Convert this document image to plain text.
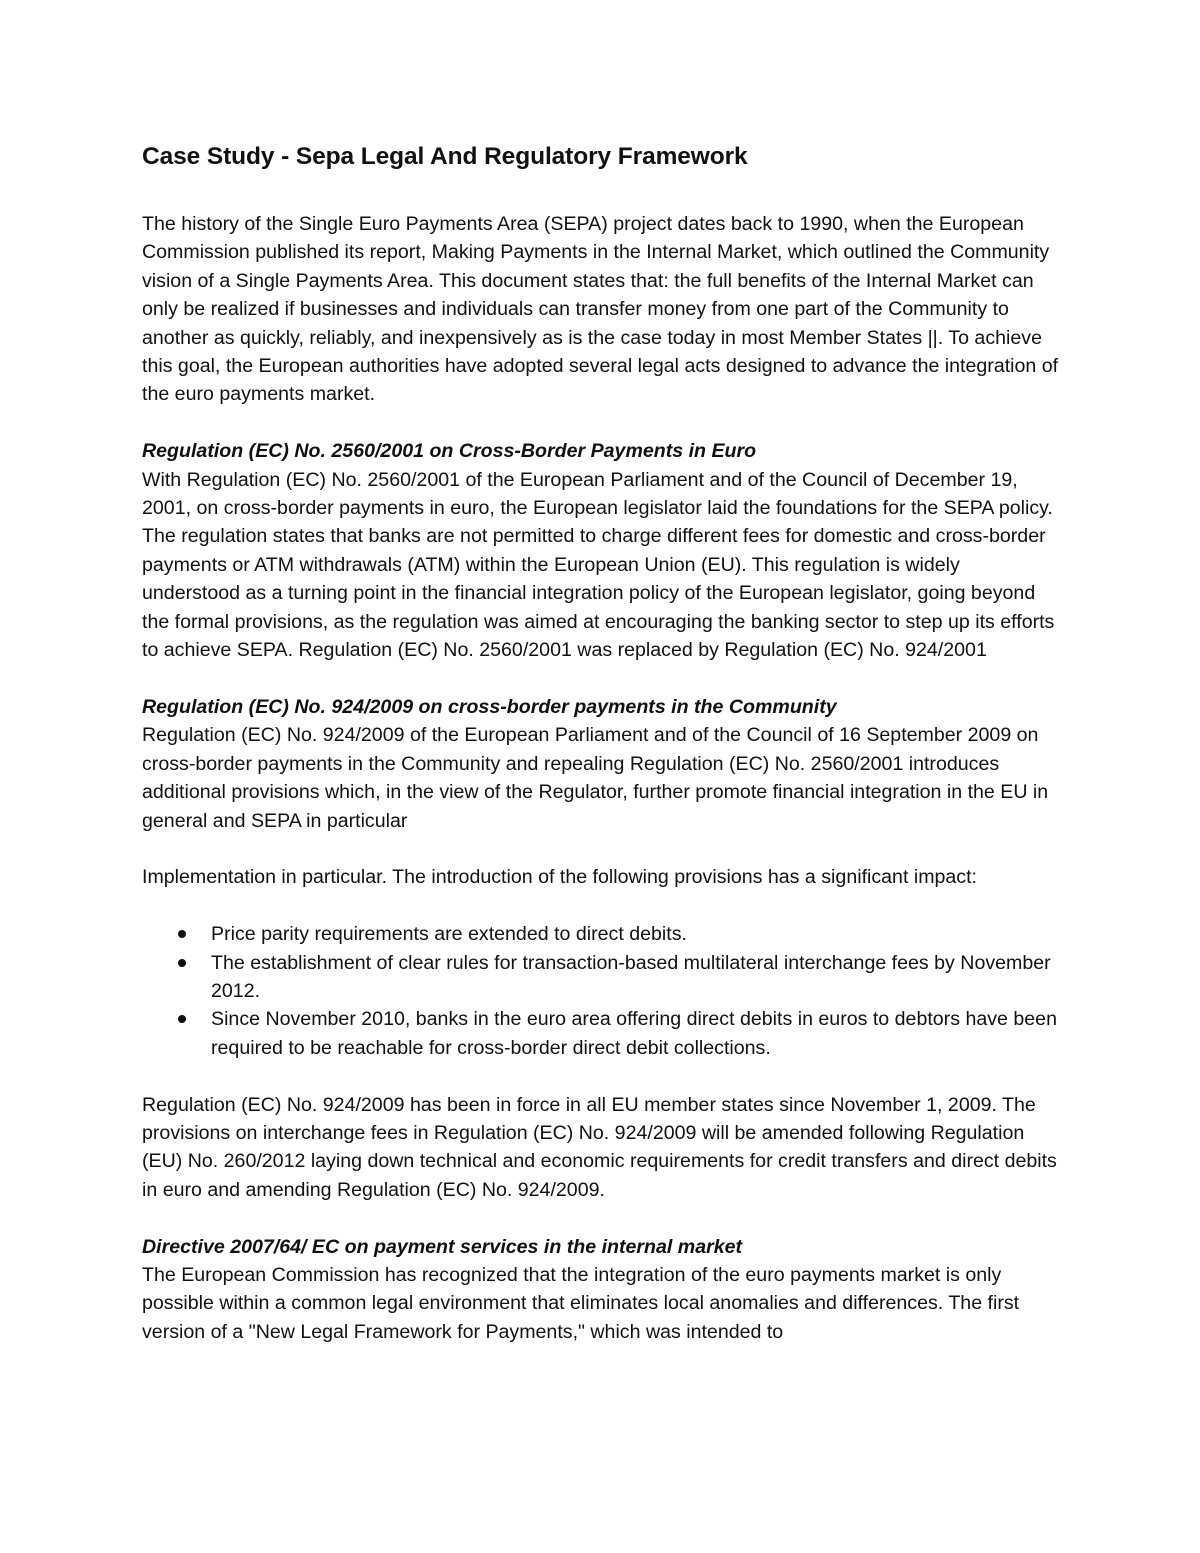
Case Study - Sepa Legal And Regulatory Framework

The history of the Single Euro Payments Area (SEPA) project dates back to 1990, when the European Commission published its report, Making Payments in the Internal Market, which outlined the Community vision of a Single Payments Area. This document states that: the full benefits of the Internal Market can only be realized if businesses and individuals can transfer money from one part of the Community to another as quickly, reliably, and inexpensively as is the case today in most Member States ||. To achieve this goal, the European authorities have adopted several legal acts designed to advance the integration of the euro payments market.

Regulation (EC) No. 2560/2001 on Cross-Border Payments in Euro

With Regulation (EC) No. 2560/2001 of the European Parliament and of the Council of December 19, 2001, on cross-border payments in euro, the European legislator laid the foundations for the SEPA policy. The regulation states that banks are not permitted to charge different fees for domestic and cross-border payments or ATM withdrawals (ATM) within the European Union (EU). This regulation is widely understood as a turning point in the financial integration policy of the European legislator, going beyond the formal provisions, as the regulation was aimed at encouraging the banking sector to step up its efforts to achieve SEPA. Regulation (EC) No. 2560/2001 was replaced by Regulation (EC) No. 924/2001

Regulation (EC) No. 924/2009 on cross-border payments in the Community

Regulation (EC) No. 924/2009 of the European Parliament and of the Council of 16 September 2009 on cross-border payments in the Community and repealing Regulation (EC) No. 2560/2001 introduces additional provisions which, in the view of the Regulator, further promote financial integration in the EU in general and SEPA in particular

Implementation in particular. The introduction of the following provisions has a significant impact:

Price parity requirements are extended to direct debits.
The establishment of clear rules for transaction-based multilateral interchange fees by November 2012.
Since November 2010, banks in the euro area offering direct debits in euros to debtors have been required to be reachable for cross-border direct debit collections.

Regulation (EC) No. 924/2009 has been in force in all EU member states since November 1, 2009. The provisions on interchange fees in Regulation (EC) No. 924/2009 will be amended following Regulation (EU) No. 260/2012 laying down technical and economic requirements for credit transfers and direct debits in euro and amending Regulation (EC) No. 924/2009.

Directive 2007/64/ EC on payment services in the internal market

The European Commission has recognized that the integration of the euro payments market is only possible within a common legal environment that eliminates local anomalies and differences. The first version of a "New Legal Framework for Payments," which was intended to
